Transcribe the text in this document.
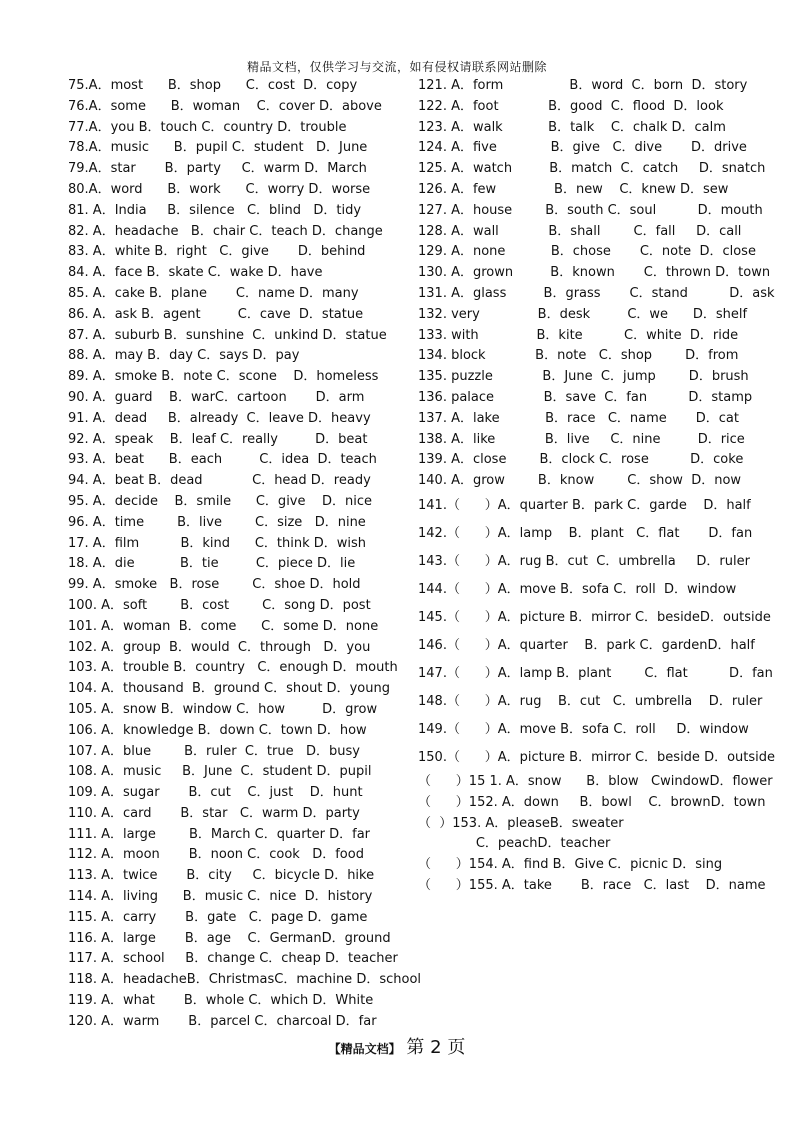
精品文档，仅供学习与交流，如有侵权请联系网站删除
75.A．most      B．shop      C．cost  D．copy
76.A．some      B．woman    C．cover D．above
77.A．you B．touch C．country D．trouble
78.A．music      B．pupil C．student   D．June
79.A．star       B．party     C．warm D．March
80.A．word      B．work      C．worry D．worse
81. A．India     B．silence   C．blind   D．tidy
82. A．headache   B．chair C．teach D．change
83. A．white B．right   C．give       D．behind
84. A．face B．skate C．wake D．have
85. A．cake B．plane       C．name D．many
86. A．ask B．agent         C．cave  D．statue
87. A．suburb B．sunshine  C．unkind D．statue
88. A．may B．day C．says D．pay
89. A．smoke B．note C．scone    D．homeless
90. A．guard    B．warC．cartoon       D．arm
91. A．dead     B．already  C．leave D．heavy
92. A．speak    B．leaf C．really         D．beat
93. A．beat      B．each         C．idea  D．teach
94. A．beat B．dead            C．head D．ready
95. A．decide    B．smile      C．give    D．nice
96. A．time        B．live        C．size   D．nine
17. A．film          B．kind      C．think D．wish
18. A．die           B．tie         C．piece D．lie
99. A．smoke   B．rose        C．shoe D．hold
100. A．soft        B．cost        C．song D．post
101. A．woman  B．come      C．some D．none
102. A．group  B．would  C．through   D．you
103. A．trouble B．country   C．enough D．mouth
104. A．thousand  B．ground C．shout D．young
105. A．snow B．window C．how         D．grow
106. A．knowledge B．down C．town D．how
107. A．blue        B．ruler  C．true   D．busy
108. A．music     B．June  C．student D．pupil
109. A．sugar       B．cut    C．just    D．hunt
110. A．card       B．star   C．warm D．party
111. A．large        B．March C．quarter D．far
112. A．moon       B．noon C．cook   D．food
113. A．twice       B．city     C．bicycle D．hike
114. A．living      B．music C．nice  D．history
115. A．carry       B．gate   C．page D．game
116. A．large       B．age    C．GermanD．ground
117. A．school     B．change C．cheap D．teacher
118. A．headacheB．ChristmasC．machine D．school
119. A．what       B．whole C．which D．White
120. A．warm       B．parcel C．charcoal D．far
121. A．form                B．word  C．born  D．story
122. A．foot            B．good  C．flood  D．look
123. A．walk           B．talk    C．chalk D．calm
124. A．five             B．give   C．dive       D．drive
125. A．watch         B．match  C．catch     D．snatch
126. A．few              B．new    C．knew D．sew
127. A．house        B．south C．soul          D．mouth
128. A．wall            B．shall        C．fall     D．call
129. A．none           B．chose       C．note  D．close
130. A．grown         B．known       C．thrown D．town
131. A．glass         B．grass       C．stand          D．ask
132. very              B．desk         C．we      D．shelf
133. with              B．kite          C．white  D．ride
134. block            B．note   C．shop        D．from
135. puzzle            B．June  C．jump        D．brush
136. palace            B．save  C．fan          D．stamp
137. A．lake           B．race   C．name       D．cat
138. A．like            B．live     C．nine         D．rice
139. A．close        B．clock C．rose          D．coke
140. A．grow        B．know        C．show  D．now
141.（      ）A．quarter B．park C．garde    D．half
142.（      ）A．lamp    B．plant   C．flat       D．fan
143.（      ）A．rug B．cut  C．umbrella     D．ruler
144.（      ）A．move B．sofa C．roll  D．window
145.（      ）A．picture B．mirror C．besideD．outside
146.（      ）A．quarter    B．park C．gardenD．half
147.（      ）A．lamp B．plant        C．flat          D．fan
148.（      ）A．rug    B．cut   C．umbrella    D．ruler
149.（      ）A．move B．sofa C．roll     D．window
150.（      ）A．picture B．mirror C．beside D．outside
（      ）15 1. A．snow      B．blow   CwindowD．flower
（      ）152. A．down     B．bowl    C．brownD．town
（  ）153. A．pleaseB．sweater
C．peachD．teacher
（      ）154. A．find B．Give C．picnic D．sing
（      ）155. A．take       B．race   C．last    D．name
【精品文档】 第 2 页
